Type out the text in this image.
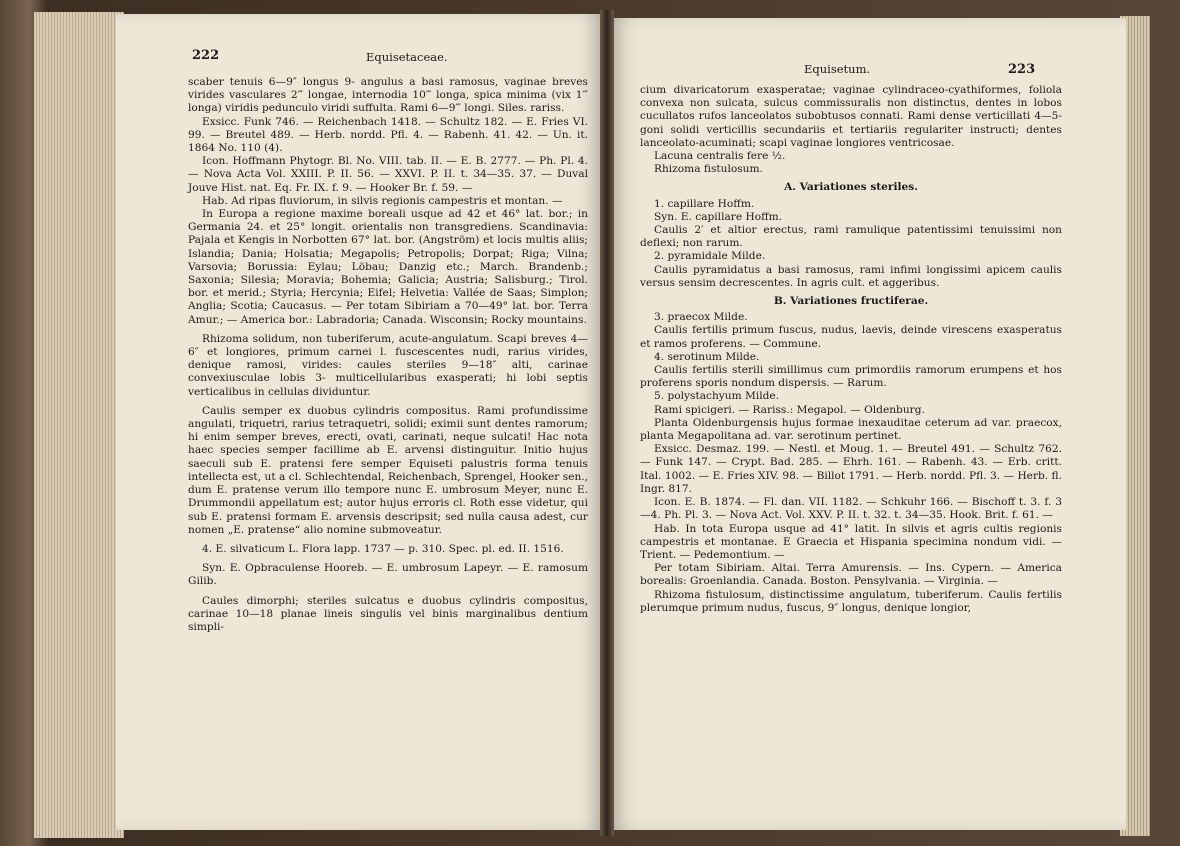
222	Equisetaceae.

scaber tenuis 6—9″ longus 9- angulus a basi ramosus, vaginae breves virides vasculares 2‴ longae, internodia 10‴ longa, spica minima (vix 1‴ longa) viridis pedunculo viridi suffulta. Rami 6—9‴ longi. Siles. rariss.

Exsicc. Funk 746. — Reichenbach 1418. — Schultz 182. — E. Fries VI. 99. — Breutel 489. — Herb. nordd. Pfl. 4. — Rabenh. 41. 42. — Un. it. 1864 No. 110 (4).

Icon. Hoffmann Phytogr. Bl. No. VIII. tab. II. — E. B. 2777. — Ph. Pl. 4. — Nova Acta Vol. XXIII. P. II. 56. — XXVI. P. II. t. 34—35. 37. — Duval Jouve Hist. nat. Eq. Fr. IX. f. 9. — Hooker Br. f. 59. —

Hab. Ad ripas fluviorum, in silvis regionis campestris et montan. —

In Europa a regione maxime boreali usque ad 42 et 46° lat. bor.; in Germania 24. et 25° longit. orientalis non transgrediens. Scandinavia: Pajala et Kengis in Norbotten 67° lat. bor. (Angström) et locis multis aliis; Islandia; Dania; Holsatia; Megapolis; Petropolis; Dorpat; Riga; Vilna; Varsovia; Borussia: Eylau; Löbau; Danzig etc.; March. Brandenb.; Saxonia; Silesia; Moravia; Bohemia; Galicia; Austria; Salisburg.; Tirol. bor. et merid.; Styria; Hercynia; Eifel; Helvetia: Vallée de Saas; Simplon; Anglia; Scotia; Caucasus. — Per totam Sibiriam a 70—49° lat. bor. Terra Amur.; — America bor.: Labradoria; Canada. Wisconsin; Rocky mountains.

Rhizoma solidum, non tuberiferum, acute-angulatum. Scapi breves 4—6″ et longiores, primum carnei l. fuscescentes nudi, rarius virides, denique ramosi, virides: caules steriles 9—18″ alti, carinae convexiusculae lobis 3- multicellularibus exasperati; hi lobi septis verticalibus in cellulas dividuntur.

Caulis semper ex duobus cylindris compositus. Rami profundissime angulati, triquetri, rarius tetraquetri, solidi; eximii sunt dentes ramorum; hi enim semper breves, erecti, ovati, carinati, neque sulcati! Hac nota haec species semper facillime ab E. arvensi distinguitur. Initio hujus saeculi sub E. pratensi fere semper Equiseti palustris forma tenuis intellecta est, ut a cl. Schlechtendal, Reichenbach, Sprengel, Hooker sen., dum E. pratense verum illo tempore nunc E. umbrosum Meyer, nunc E. Drummondii appellatum est; autor hujus erroris cl. Roth esse videtur, qui sub E. pratensi formam E. arvensis descripsit; sed nulla causa adest, cur nomen „E. pratense“ alio nomine submoveatur.

4. E. silvaticum L. Flora lapp. 1737 — p. 310. Spec. pl. ed. II. 1516.

Syn. E. Opbraculense Hooreb. — E. umbrosum Lapeyr. — E. ramosum Gilib.

Caules dimorphi; steriles sulcatus e duobus cylindris compositus, carinae 10—18 planae lineis singulis vel binis marginalibus dentium simpli-

Equisetum.	223

cium divaricatorum exasperatae; vaginae cylindraceo-cyathiformes, foliola convexa non sulcata, sulcus commissuralis non distinctus, dentes in lobos cucullatos rufos lanceolatos subobtusos connati. Rami dense verticillati 4—5- goni solidi verticillis secundariis et tertiariis regulariter instructi; dentes lanceolato-acuminati; scapi vaginae longiores ventricosae.

Lacuna centralis fere ½.

Rhizoma fistulosum.

A. Variationes steriles.

1. capillare Hoffm.

Syn. E. capillare Hoffm.

Caulis 2′ et altior erectus, rami ramulique patentissimi tenuissimi non deflexi; non rarum.

2. pyramidale Milde.

Caulis pyramidatus a basi ramosus, rami infimi longissimi apicem caulis versus sensim decrescentes. In agris cult. et aggeribus.

B. Variationes fructiferae.

3. praecox Milde.

Caulis fertilis primum fuscus, nudus, laevis, deinde virescens exasperatus et ramos proferens. — Commune.

4. serotinum Milde.

Caulis fertilis sterili simillimus cum primordiis ramorum erumpens et hos proferens sporis nondum dispersis. — Rarum.

5. polystachyum Milde.

Rami spicigeri. — Rariss.: Megapol. — Oldenburg.

Planta Oldenburgensis hujus formae inexauditae ceterum ad var. praecox, planta Megapolitana ad. var. serotinum pertinet.

Exsicc. Desmaz. 199. — Nestl. et Moug. 1. — Breutel 491. — Schultz 762. — Funk 147. — Crypt. Bad. 285. — Ehrh. 161. — Rabenh. 43. — Erb. critt. Ital. 1002. — E. Fries XIV. 98. — Billot 1791. — Herb. nordd. Pfl. 3. — Herb. fl. Ingr. 817.

Icon. E. B. 1874. — Fl. dan. VII. 1182. — Schkuhr 166. — Bischoff t. 3. f. 3—4. Ph. Pl. 3. — Nova Act. Vol. XXV. P. II. t. 32. t. 34—35. Hook. Brit. f. 61. —

Hab. In tota Europa usque ad 41° latit. In silvis et agris cultis regionis campestris et montanae. E Graecia et Hispania specimina nondum vidi. — Trient. — Pedemontium. —

Per totam Sibiriam. Altai. Terra Amurensis. — Ins. Cypern. — America borealis: Groenlandia. Canada. Boston. Pensylvania. — Virginia. —

Rhizoma fistulosum, distinctissime angulatum, tuberiferum. Caulis fertilis plerumque primum nudus, fuscus, 9″ longus, denique longior,
